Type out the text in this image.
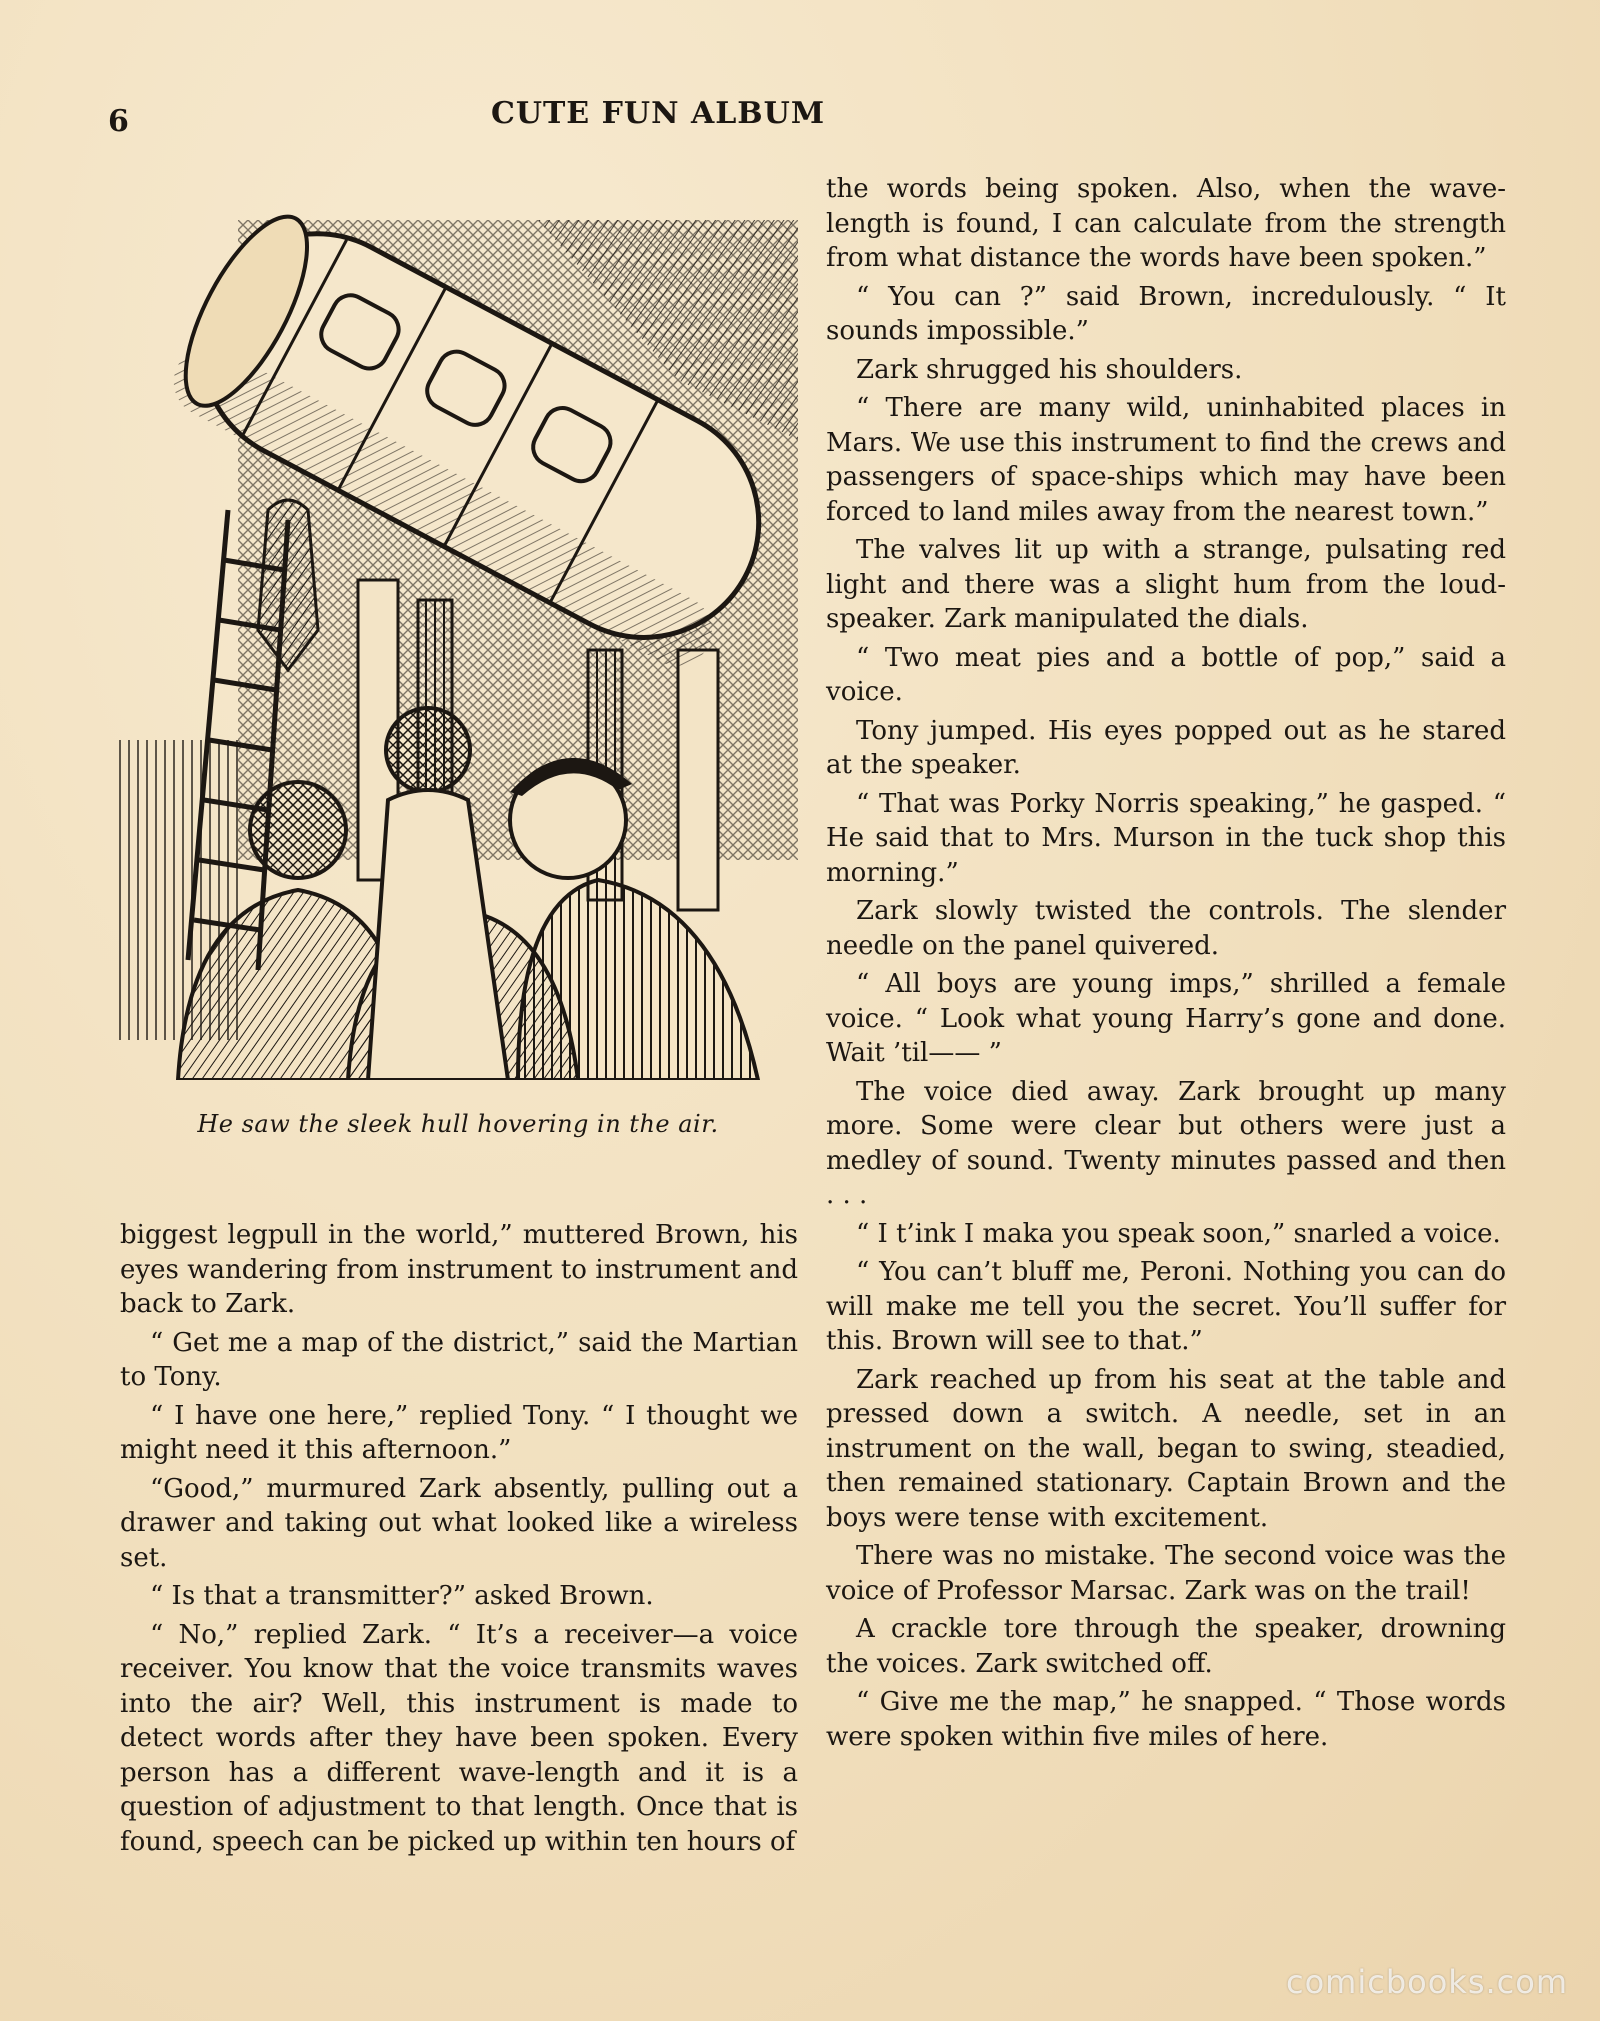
6	CUTE FUN ALBUM
He saw the sleek hull hovering in the air.

biggest legpull in the world,” muttered Brown, his eyes wandering from instrument to instrument and back to Zark.

“ Get me a map of the district,” said the Martian to Tony.

“ I have one here,” replied Tony. “ I thought we might need it this afternoon.”

“Good,” murmured Zark absently, pulling out a drawer and taking out what looked like a wireless set.

“ Is that a transmitter?” asked Brown.

“ No,” replied Zark. “ It’s a receiver—a voice receiver. You know that the voice transmits waves into the air? Well, this instrument is made to detect words after they have been spoken. Every person has a different wave-length and it is a question of adjustment to that length. Once that is found, speech can be picked up within ten hours of

the words being spoken. Also, when the wave-length is found, I can calculate from the strength from what distance the words have been spoken.”

“ You can ?” said Brown, incredulously. “ It sounds impossible.”

Zark shrugged his shoulders.

“ There are many wild, uninhabited places in Mars. We use this instrument to find the crews and passengers of space-ships which may have been forced to land miles away from the nearest town.”

The valves lit up with a strange, pulsating red light and there was a slight hum from the loud-speaker. Zark manipulated the dials.

“ Two meat pies and a bottle of pop,” said a voice.

Tony jumped. His eyes popped out as he stared at the speaker.

“ That was Porky Norris speaking,” he gasped. “ He said that to Mrs. Murson in the tuck shop this morning.”

Zark slowly twisted the controls. The slender needle on the panel quivered.

“ All boys are young imps,” shrilled a female voice. “ Look what young Harry’s gone and done. Wait ’til—— ”

The voice died away. Zark brought up many more. Some were clear but others were just a medley of sound. Twenty minutes passed and then . . .

“ I t’ink I maka you speak soon,” snarled a voice.

“ You can’t bluff me, Peroni. Nothing you can do will make me tell you the secret. You’ll suffer for this. Brown will see to that.”

Zark reached up from his seat at the table and pressed down a switch. A needle, set in an instrument on the wall, began to swing, steadied, then remained stationary. Captain Brown and the boys were tense with excitement.

There was no mistake. The second voice was the voice of Professor Marsac. Zark was on the trail!

A crackle tore through the speaker, drowning the voices. Zark switched off.

“ Give me the map,” he snapped. “ Those words were spoken within five miles of here.

comicbooks.com
